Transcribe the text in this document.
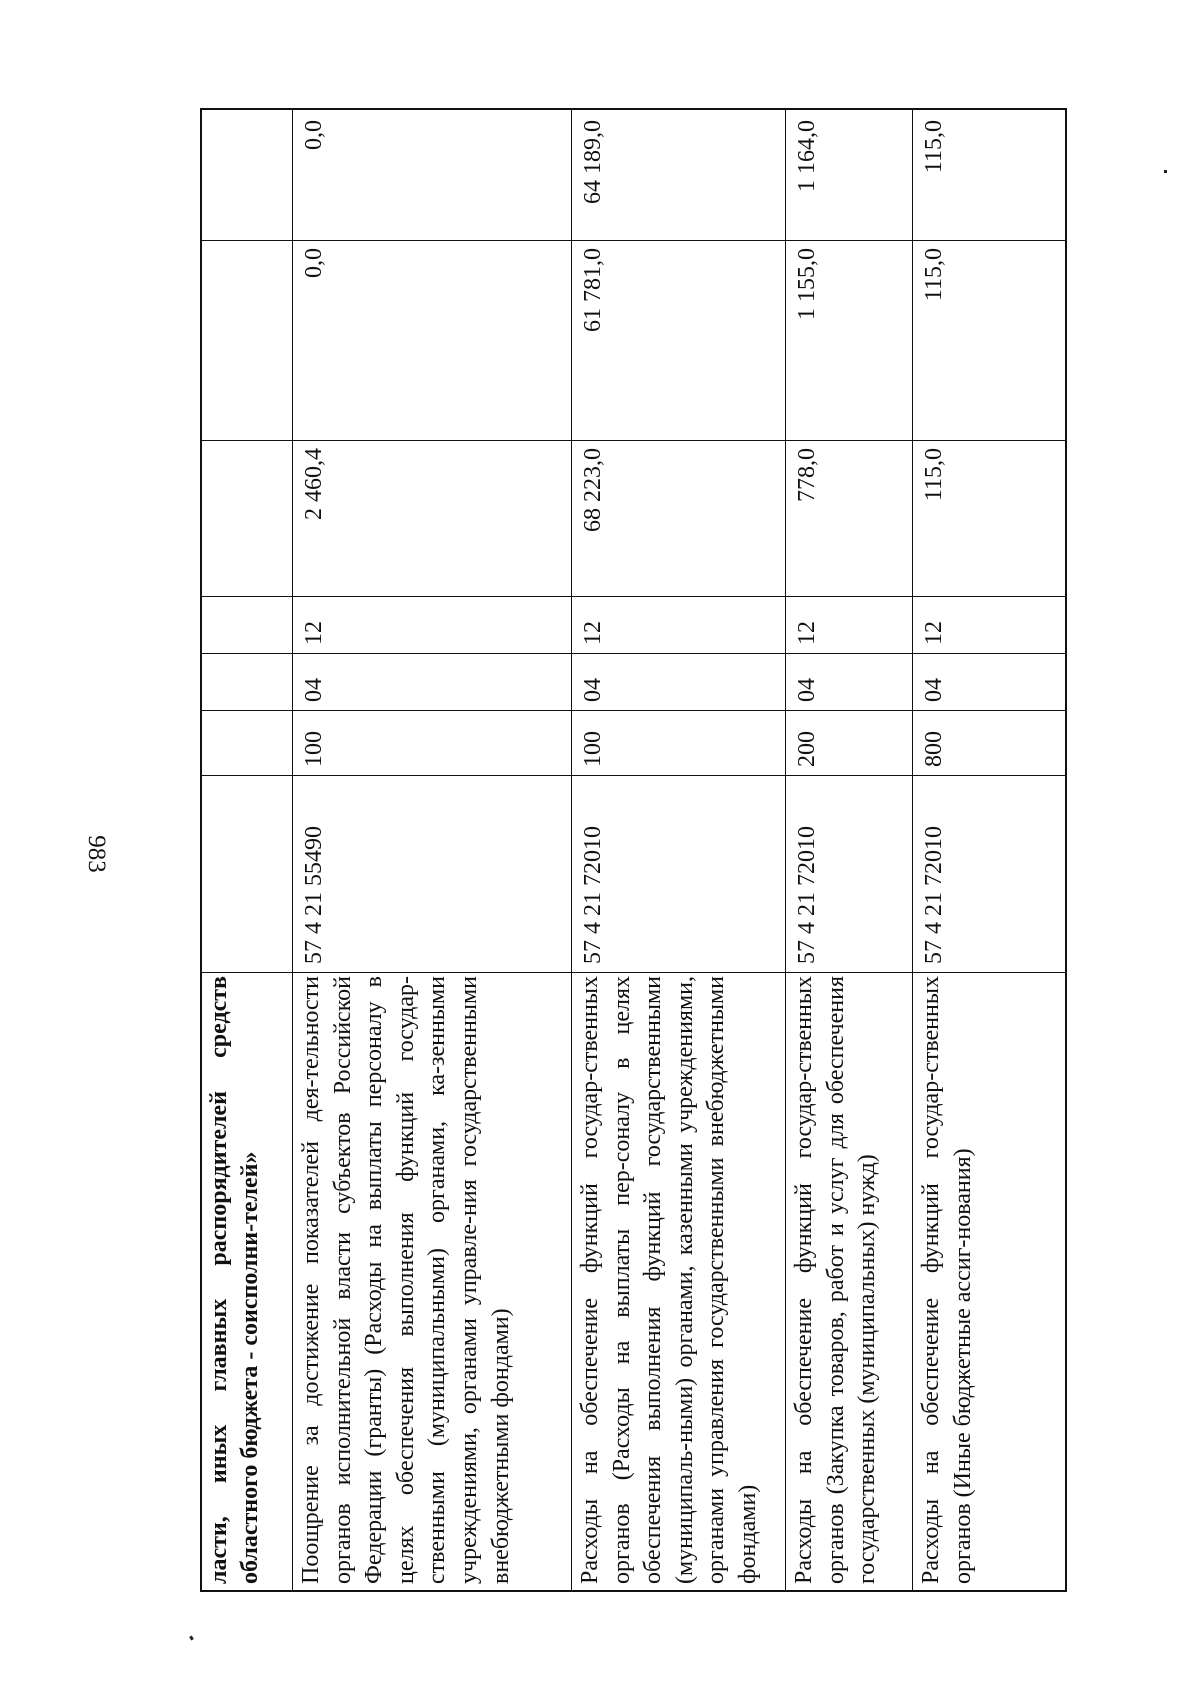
983
ласти, иных главных распорядителей средств областного бюджета - соисполни-телей»	Поощрение за достижение показателей дея-тельности органов исполнительной власти субъектов Российской Федерации (гранты) (Расходы на выплаты персоналу в целях обеспечения выполнения функций государ-ственными (муниципальными) органами, ка-зенными учреждениями, органами управле-ния государственными внебюджетными фондами)
57 4 21 55490
100
04
12
2 460,4
0,0
0,0
Расходы на обеспечение функций государ-ственных органов (Расходы на выплаты пер-соналу в целях обеспечения выполнения функций государственными (муниципаль-ными) органами, казенными учреждениями, органами управления государственными внебюджетными фондами)
57 4 21 72010
100
04
12
68 223,0
61 781,0
64 189,0
Расходы на обеспечение функций государ-ственных органов (Закупка товаров, работ и услуг для обеспечения государственных (муниципальных) нужд)
57 4 21 72010
200
04
12
778,0
1 155,0
1 164,0
Расходы на обеспечение функций государ-ственных органов (Иные бюджетные ассиг-нования)
57 4 21 72010
800
04
12
115,0
115,0
115,0
